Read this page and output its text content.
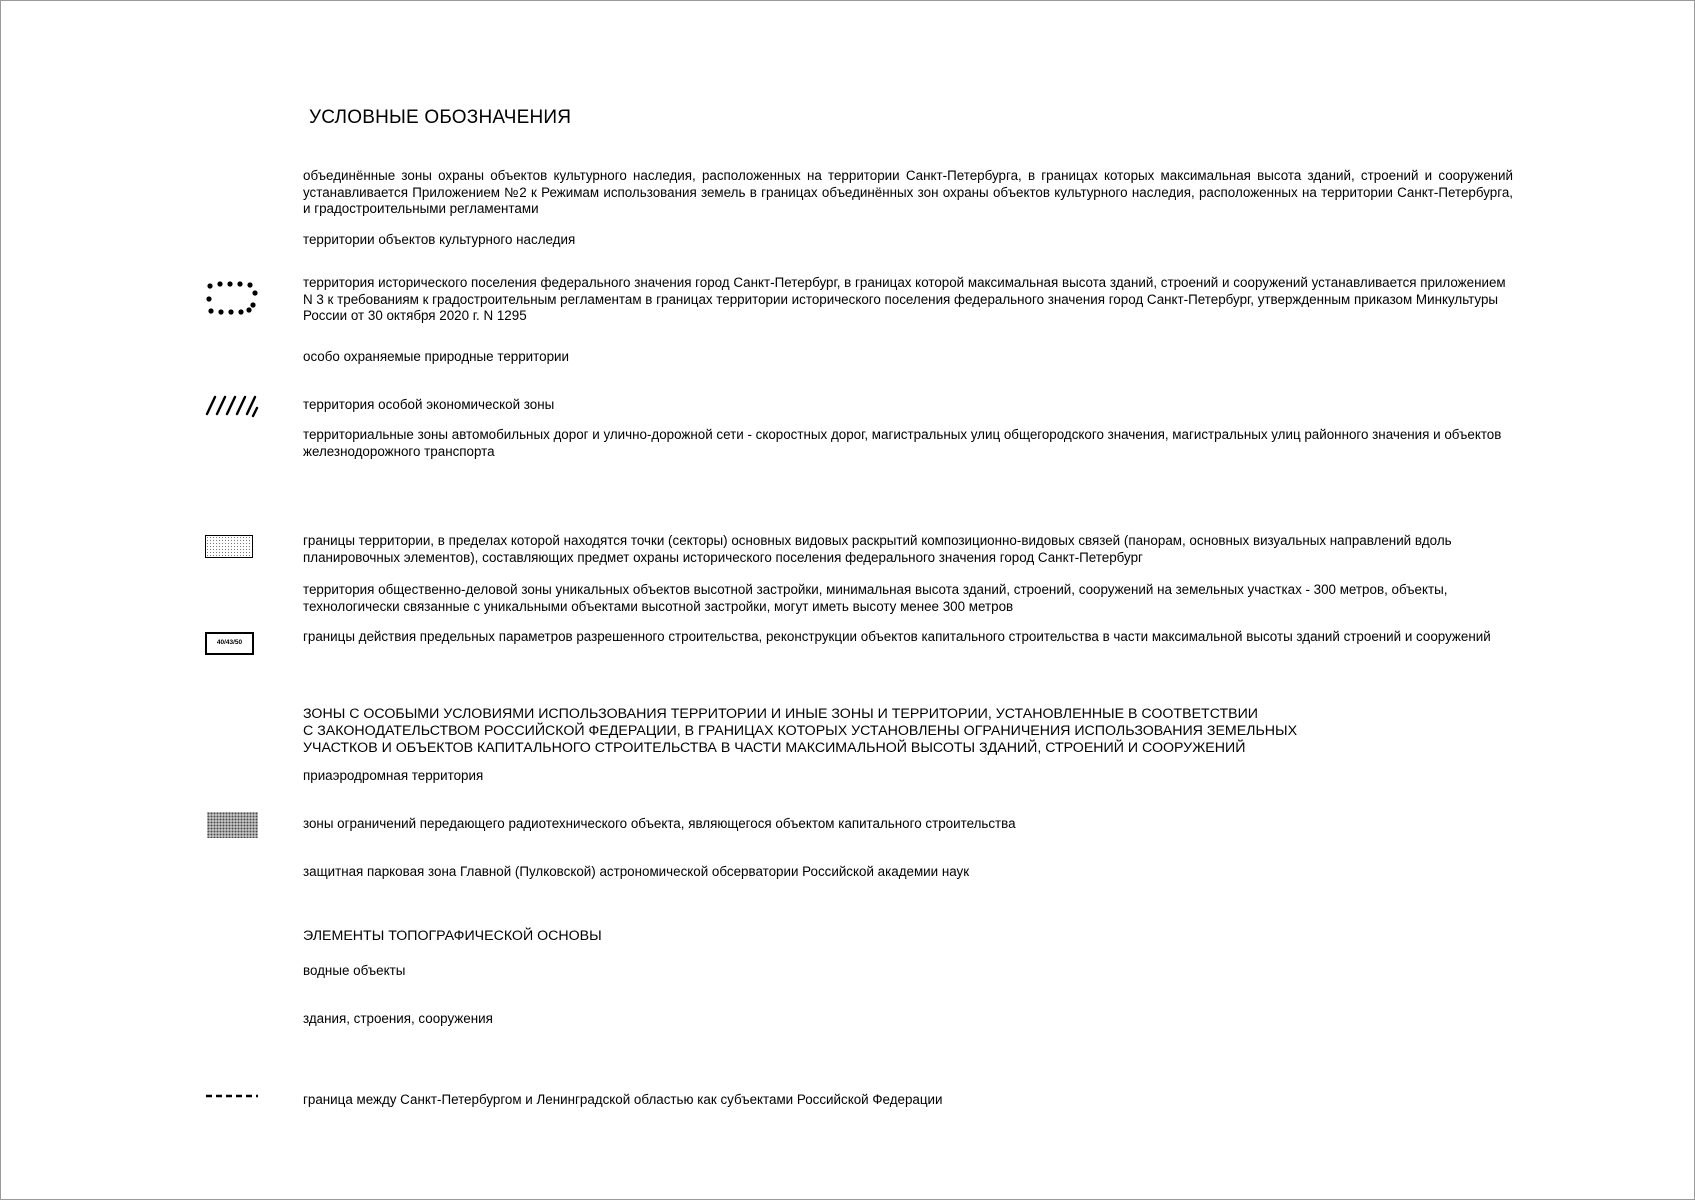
УСЛОВНЫЕ ОБОЗНАЧЕНИЯ
объединённые зоны охраны объектов культурного наследия, расположенных на территории Санкт-Петербурга, в границах которых максимальная высота зданий, строений и сооружений устанавливается Приложением №2 к Режимам использования земель в границах объединённых зон охраны объектов культурного наследия, расположенных на территории Санкт-Петербурга, и градостроительными регламентами
территории объектов культурного наследия
территория исторического поселения федерального значения город Санкт-Петербург, в границах которой максимальная высота зданий, строений и сооружений устанавливается приложением N 3 к требованиям к градостроительным регламентам в границах территории исторического поселения федерального значения город Санкт-Петербург, утвержденным приказом Минкультуры России от 30 октября 2020 г. N 1295
особо охраняемые природные территории
территория особой экономической зоны
территориальные зоны автомобильных дорог и улично-дорожной сети - скоростных дорог, магистральных улиц общегородского значения, магистральных улиц районного значения и объектов железнодорожного транспорта
границы территории, в пределах которой находятся точки (секторы) основных видовых раскрытий композиционно-видовых связей (панорам, основных визуальных направлений вдоль планировочных элементов), составляющих предмет охраны исторического поселения федерального значения город Санкт-Петербург
территория общественно-деловой зоны уникальных объектов высотной застройки, минимальная высота зданий, строений, сооружений на земельных участках - 300 метров, объекты, технологически связанные с уникальными объектами высотной застройки, могут иметь высоту менее 300 метров
40/43/50	границы действия предельных параметров разрешенного строительства, реконструкции объектов капитального строительства в части максимальной высоты зданий строений и сооружений
ЗОНЫ С ОСОБЫМИ УСЛОВИЯМИ ИСПОЛЬЗОВАНИЯ ТЕРРИТОРИИ И ИНЫЕ ЗОНЫ И ТЕРРИТОРИИ, УСТАНОВЛЕННЫЕ В СООТВЕТСТВИИ
С ЗАКОНОДАТЕЛЬСТВОМ РОССИЙСКОЙ ФЕДЕРАЦИИ, В ГРАНИЦАХ КОТОРЫХ УСТАНОВЛЕНЫ ОГРАНИЧЕНИЯ ИСПОЛЬЗОВАНИЯ ЗЕМЕЛЬНЫХ
УЧАСТКОВ И ОБЪЕКТОВ КАПИТАЛЬНОГО СТРОИТЕЛЬСТВА В ЧАСТИ МАКСИМАЛЬНОЙ ВЫСОТЫ ЗДАНИЙ, СТРОЕНИЙ И СООРУЖЕНИЙ
приаэродромная территория
зоны ограничений передающего радиотехнического объекта, являющегося объектом капитального строительства
защитная парковая зона Главной (Пулковской) астрономической обсерватории Российской академии наук
ЭЛЕМЕНТЫ ТОПОГРАФИЧЕСКОЙ ОСНОВЫ
водные объекты
здания, строения, сооружения
граница между Санкт-Петербургом и Ленинградской областью как субъектами Российской Федерации
